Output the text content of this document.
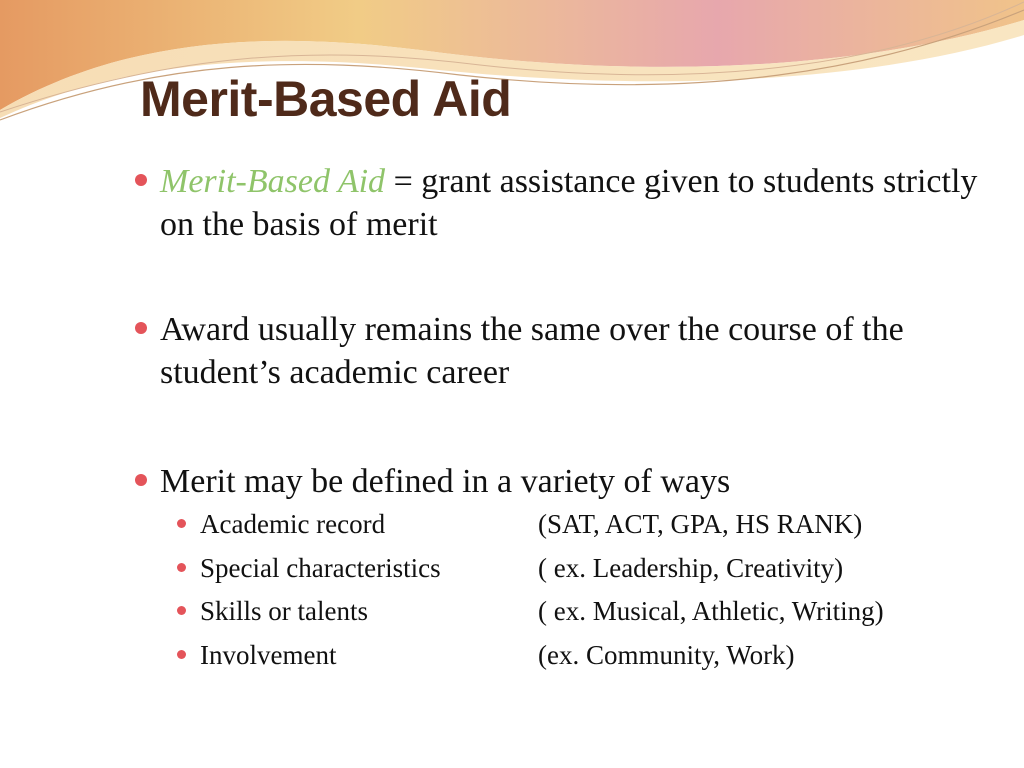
Merit-Based Aid
Merit-Based Aid = grant assistance given to students strictly on the basis of merit
Award usually remains the same over the course of the student’s academic career
Merit may be defined in a variety of ways
Academic record	(SAT, ACT, GPA, HS RANK)
Special characteristics	( ex. Leadership, Creativity)
Skills or talents	( ex. Musical, Athletic, Writing)
Involvement	(ex. Community, Work)
